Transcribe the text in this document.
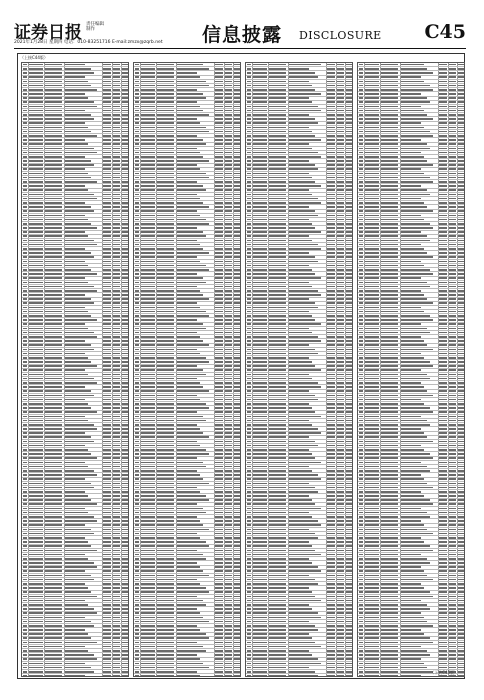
证券日报 责任编辑
制作
2021年1月28日 星期四 电话：010-83251716 E-mail:zmzx@zqrb.net 信息披露 DISCLOSURE C45
（上接C44版）
（下转C46版）
